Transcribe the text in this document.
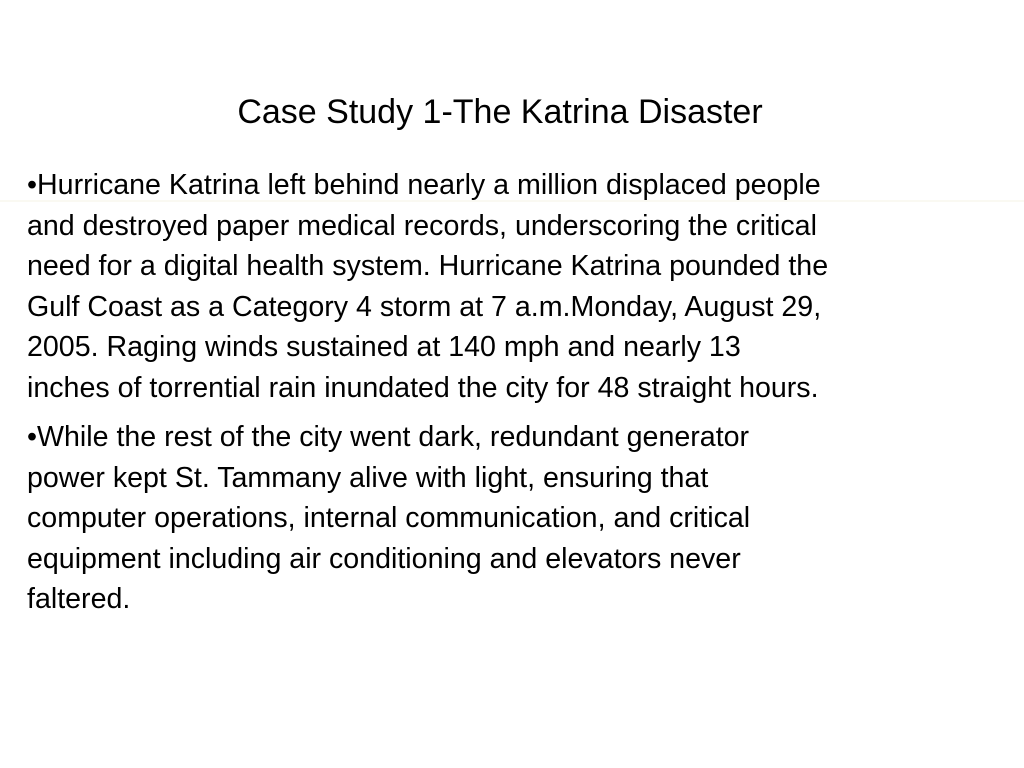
Case Study 1-The Katrina Disaster
•Hurricane Katrina left behind nearly a million displaced people
and destroyed paper medical records, underscoring the critical
need for a digital health system. Hurricane Katrina pounded the
Gulf Coast as a Category 4 storm at 7 a.m.Monday, August 29,
2005. Raging winds sustained at 140 mph and nearly 13
inches of torrential rain inundated the city for 48 straight hours.
•While the rest of the city went dark, redundant generator
power kept St. Tammany alive with light, ensuring that
computer operations, internal communication, and critical
equipment including air conditioning and elevators never
faltered.
